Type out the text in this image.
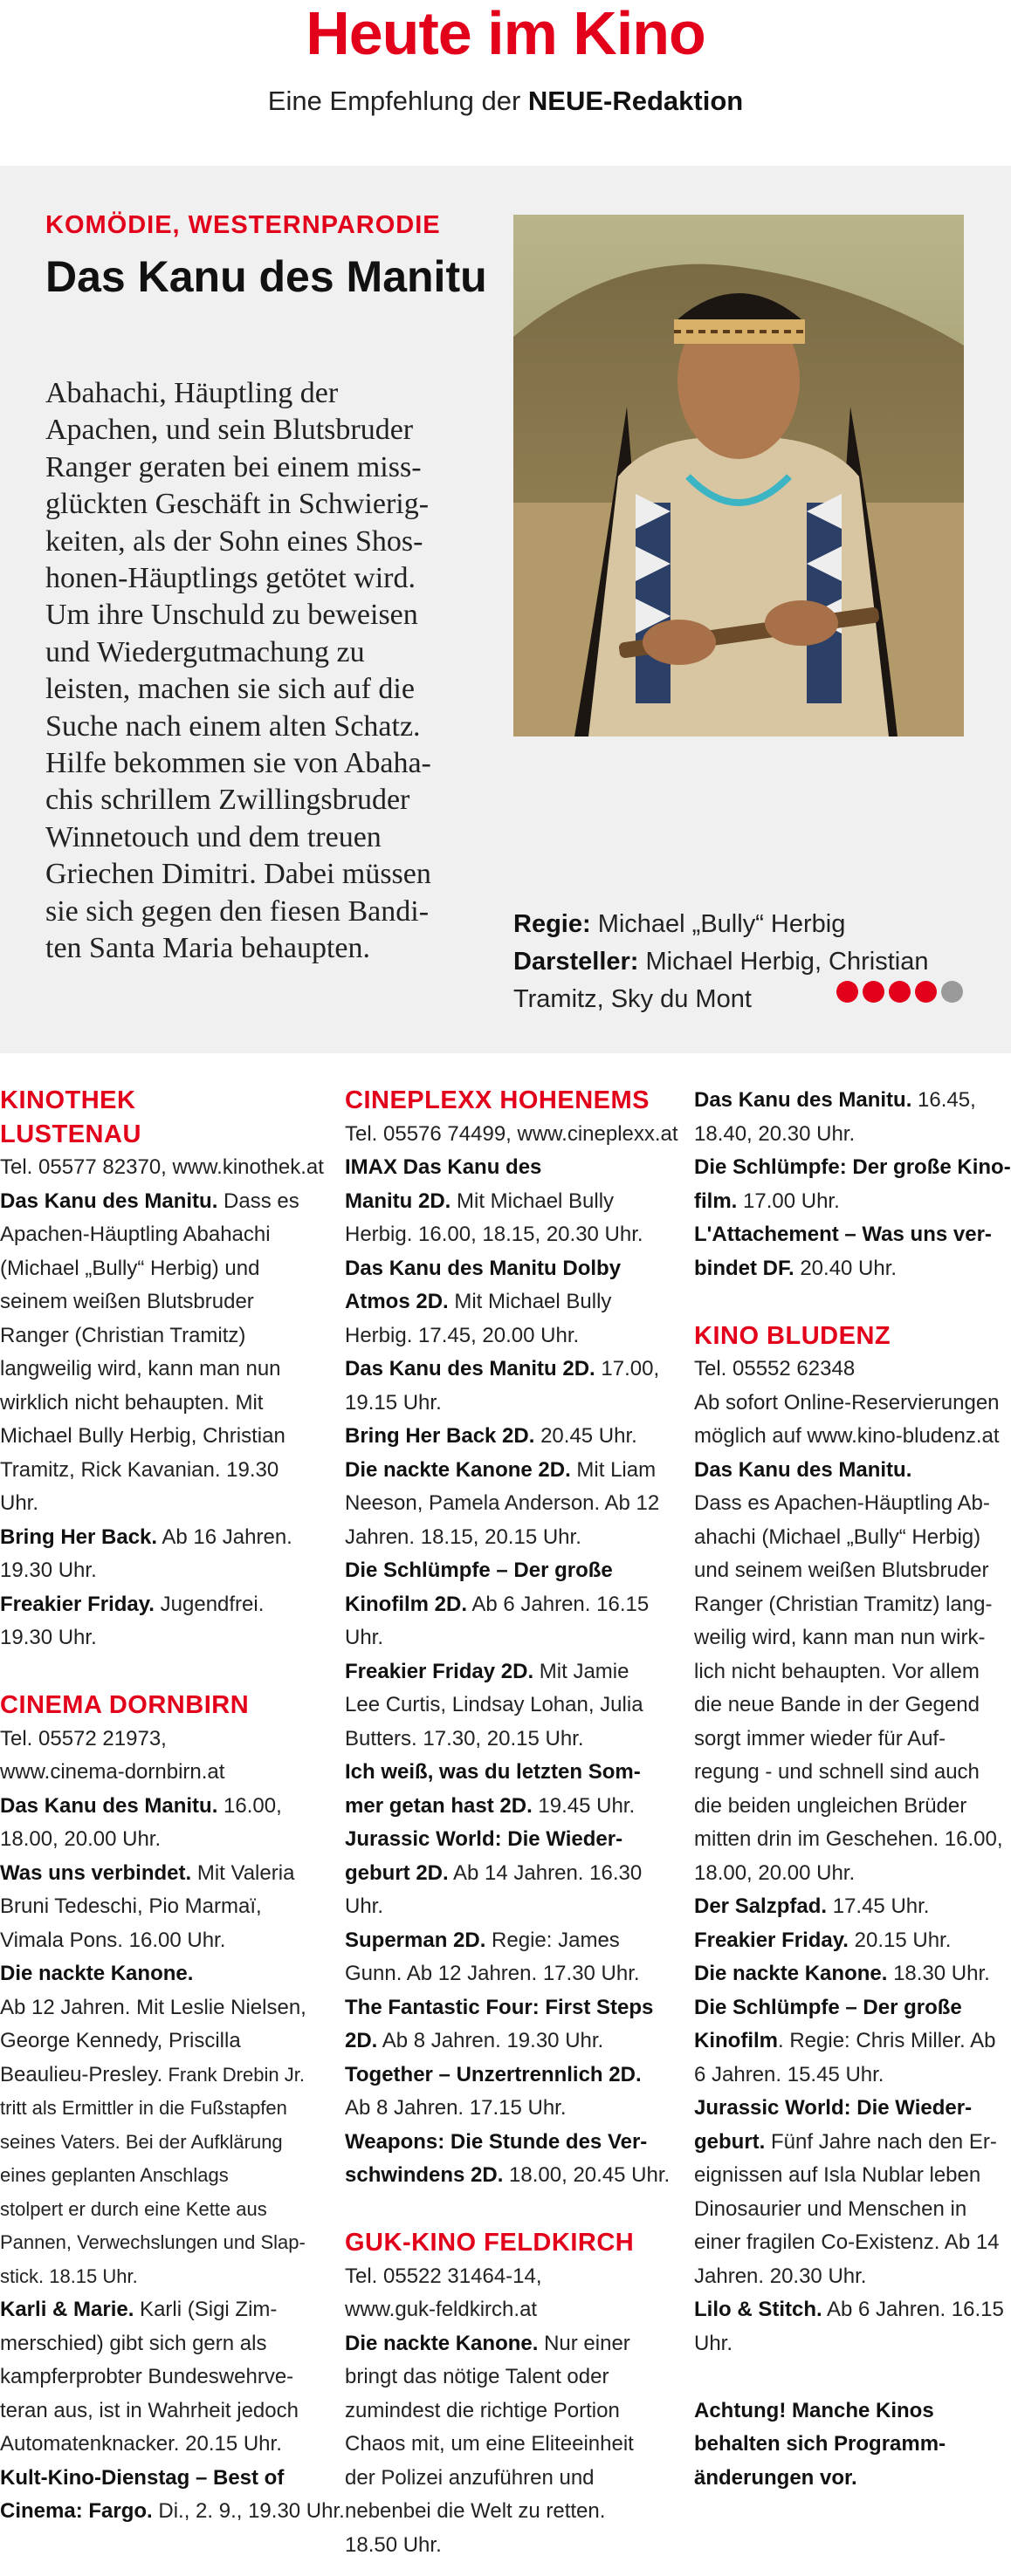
Heute im Kino
Eine Empfehlung der NEUE-Redaktion
KOMÖDIE, WESTERNPARODIE
Das Kanu des Manitu
Abahachi, Häuptling der
Apachen, und sein Blutsbruder
Ranger geraten bei einem miss-
glückten Geschäft in Schwierig-
keiten, als der Sohn eines Shos-
honen-Häuptlings getötet wird.
Um ihre Unschuld zu beweisen
und Wiedergutmachung zu
leisten, machen sie sich auf die
Suche nach einem alten Schatz.
Hilfe bekommen sie von Abaha-
chis schrillem Zwillingsbruder
Winnetouch und dem treuen
Griechen Dimitri. Dabei müssen
sie sich gegen den fiesen Bandi-
ten Santa Maria behaupten.
Regie: Michael „Bully“ Herbig
Darsteller: Michael Herbig, Christian
Tramitz, Sky du Mont
KINOTHEK
LUSTENAU
Tel. 05577 82370, www.kinothek.at
Das Kanu des Manitu. Dass es
Apachen-Häuptling Abahachi
(Michael „Bully“ Herbig) und
seinem weißen Blutsbruder
Ranger (Christian Tramitz)
langweilig wird, kann man nun
wirklich nicht behaupten. Mit
Michael Bully Herbig, Christian
Tramitz, Rick Kavanian. 19.30
Uhr.
Bring Her Back. Ab 16 Jahren.
19.30 Uhr.
Freakier Friday. Jugendfrei.
19.30 Uhr.
CINEMA DORNBIRN
Tel. 05572 21973,
www.cinema-dornbirn.at
Das Kanu des Manitu. 16.00,
18.00, 20.00 Uhr.
Was uns verbindet. Mit Valeria
Bruni Tedeschi, Pio Marmaï,
Vimala Pons. 16.00 Uhr.
Die nackte Kanone.
Ab 12 Jahren. Mit Leslie Nielsen,
George Kennedy, Priscilla
Beaulieu-Presley. Frank Drebin Jr.
tritt als Ermittler in die Fußstapfen
seines Vaters. Bei der Aufklärung
eines geplanten Anschlags
stolpert er durch eine Kette aus
Pannen, Verwechslungen und Slap-
stick. 18.15 Uhr.
Karli & Marie. Karli (Sigi Zim-
merschied) gibt sich gern als
kampferprobter Bundeswehrve-
teran aus, ist in Wahrheit jedoch
Automatenknacker. 20.15 Uhr.
Kult-Kino-Dienstag – Best of
Cinema: Fargo. Di., 2. 9., 19.30 Uhr.
CINEPLEXX HOHENEMS
Tel. 05576 74499, www.cineplexx.at
IMAX Das Kanu des
Manitu 2D. Mit Michael Bully
Herbig. 16.00, 18.15, 20.30 Uhr.
Das Kanu des Manitu Dolby
Atmos 2D. Mit Michael Bully
Herbig. 17.45, 20.00 Uhr.
Das Kanu des Manitu 2D. 17.00,
19.15 Uhr.
Bring Her Back 2D. 20.45 Uhr.
Die nackte Kanone 2D. Mit Liam
Neeson, Pamela Anderson. Ab 12
Jahren. 18.15, 20.15 Uhr.
Die Schlümpfe – Der große
Kinofilm 2D. Ab 6 Jahren. 16.15
Uhr.
Freakier Friday 2D. Mit Jamie
Lee Curtis, Lindsay Lohan, Julia
Butters. 17.30, 20.15 Uhr.
Ich weiß, was du letzten Som-
mer getan hast 2D. 19.45 Uhr.
Jurassic World: Die Wieder-
geburt 2D. Ab 14 Jahren. 16.30
Uhr.
Superman 2D. Regie: James
Gunn. Ab 12 Jahren. 17.30 Uhr.
The Fantastic Four: First Steps
2D. Ab 8 Jahren. 19.30 Uhr.
Together – Unzertrennlich 2D.
Ab 8 Jahren. 17.15 Uhr.
Weapons: Die Stunde des Ver-
schwindens 2D. 18.00, 20.45 Uhr.
GUK-KINO FELDKIRCH
Tel. 05522 31464-14,
www.guk-feldkirch.at
Die nackte Kanone. Nur einer
bringt das nötige Talent oder
zumindest die richtige Portion
Chaos mit, um eine Eliteeinheit
der Polizei anzuführen und
nebenbei die Welt zu retten.
18.50 Uhr.
Das Kanu des Manitu. 16.45,
18.40, 20.30 Uhr.
Die Schlümpfe: Der große Kino-
film. 17.00 Uhr.
L'Attachement – Was uns ver-
bindet DF. 20.40 Uhr.
KINO BLUDENZ
Tel. 05552 62348
Ab sofort Online-Reservierungen
möglich auf www.kino-bludenz.at
Das Kanu des Manitu.
Dass es Apachen-Häuptling Ab-
ahachi (Michael „Bully“ Herbig)
und seinem weißen Blutsbruder
Ranger (Christian Tramitz) lang-
weilig wird, kann man nun wirk-
lich nicht behaupten. Vor allem
die neue Bande in der Gegend
sorgt immer wieder für Auf-
regung - und schnell sind auch
die beiden ungleichen Brüder
mitten drin im Geschehen. 16.00,
18.00, 20.00 Uhr.
Der Salzpfad. 17.45 Uhr.
Freakier Friday. 20.15 Uhr.
Die nackte Kanone. 18.30 Uhr.
Die Schlümpfe – Der große
Kinofilm. Regie: Chris Miller. Ab
6 Jahren. 15.45 Uhr.
Jurassic World: Die Wieder-
geburt. Fünf Jahre nach den Er-
eignissen auf Isla Nublar leben
Dinosaurier und Menschen in
einer fragilen Co-Existenz. Ab 14
Jahren. 20.30 Uhr.
Lilo & Stitch. Ab 6 Jahren. 16.15
Uhr.
Achtung! Manche Kinos
behalten sich Programm-
änderungen vor.
